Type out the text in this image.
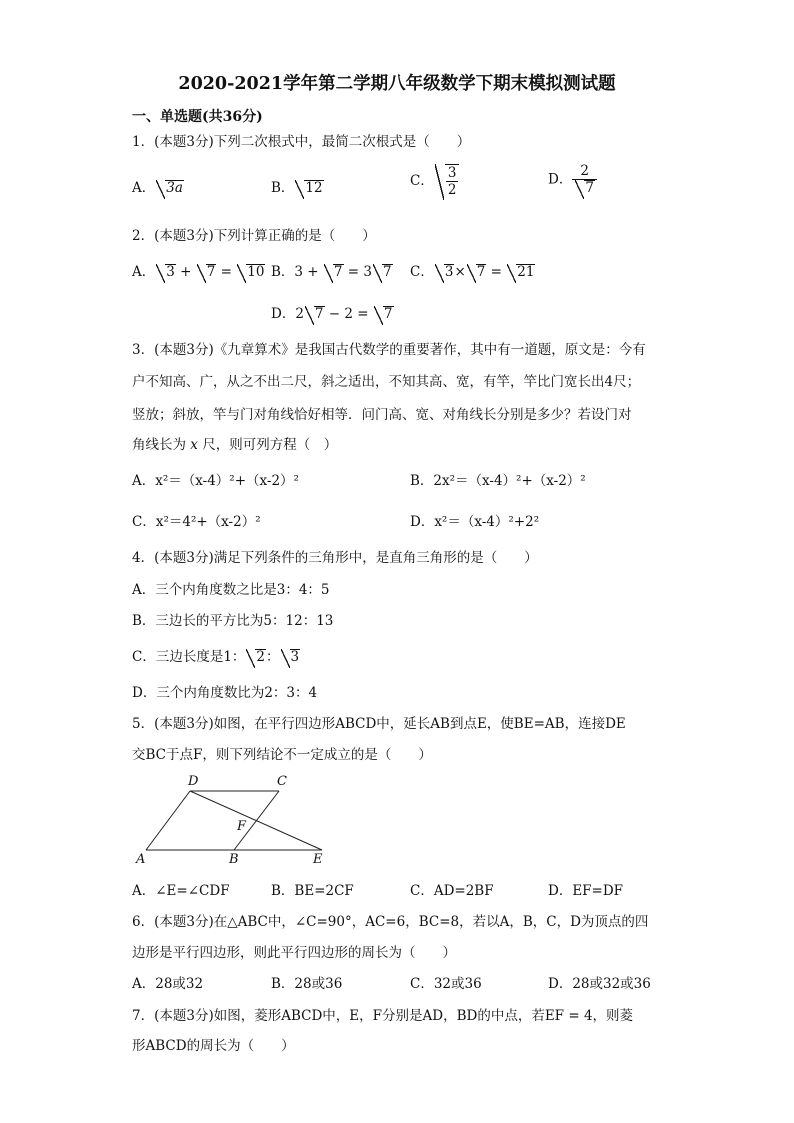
2020-2021学年第二学期八年级数学下期末模拟测试题
一、单选题(共36分)
1．(本题3分)下列二次根式中，最简二次根式是（　　）
A． 3a	B． 12	C． $\frac{3}{2}$	D． $\frac{2}{7}$
2．(本题3分)下列计算正确的是（　　）
A． 3 + 7 = 10 B．3 + 7 = 3 7 C． 3× 7 = 21
D．2 7 − 2 = 7
3．(本题3分)《九章算术》是我国古代数学的重要著作，其中有一道题，原文是：今有
户不知高、广，从之不出二尺，斜之适出，不知其高、宽，有竿，竿比门宽长出4尺；
竖放；斜放，竿与门对角线恰好相等．问门高、宽、对角线长分别是多少？若设门对
角线长为 x 尺，则可列方程（　）
A．x²＝（x-4）²+（x-2）²	B．2x²＝（x-4）²+（x-2）²
C．x²＝4²+（x-2）²	D．x²＝（x-4）²+2²
4．(本题3分)满足下列条件的三角形中，是直角三角形的是（　　）
A．三个内角度数之比是3：4：5
B．三边长的平方比为5：12：13
C．三边长度是1： 2： 3
D．三个内角度数比为2：3：4
5．(本题3分)如图，在平行四边形ABCD中，延长AB到点E，使BE=AB，连接DE
交BC于点F，则下列结论不一定成立的是（　　）
D	C
F
A	B	E
A．∠E=∠CDF	B．BE=2CF	C．AD=2BF	D．EF=DF
6．(本题3分)在△ABC中，∠C=90°，AC=6，BC=8，若以A，B，C，D为顶点的四
边形是平行四边形，则此平行四边形的周长为（　　）
A．28或32	B．28或36	C．32或36	D．28或32或36
7．(本题3分)如图，菱形ABCD中，E，F分别是AD，BD的中点，若EF = 4，则菱
形ABCD的周长为（　　）
